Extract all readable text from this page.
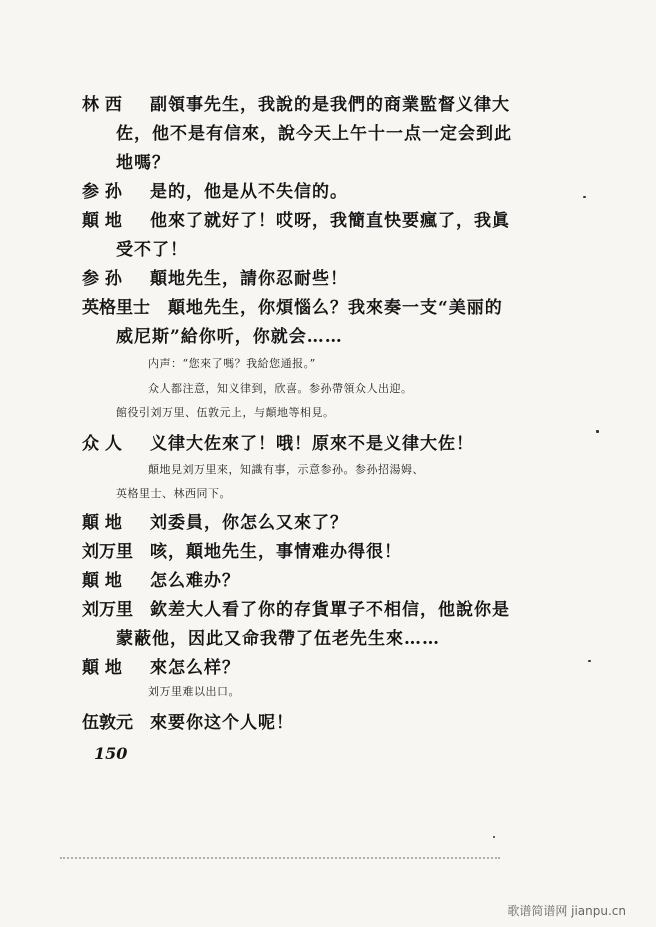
林 西 副領事先生，我說的是我們的商業監督义律大
佐，他不是有信來，說今天上午十一点一定会到此
地嗎？
参 孙 是的，他是从不失信的。
顛 地 他來了就好了！哎呀，我簡直快要瘋了，我眞
受不了！
参 孙 顛地先生，請你忍耐些！
英格里士 顛地先生，你煩惱么？我來奏一支“美丽的
威尼斯”給你听，你就会……
内声：“您來了嗎？我給您通报。”
众人都注意，知义律到，欣喜。参孙帶領众人出迎。
館役引刘万里、伍敦元上，与顛地等相見。
众 人 义律大佐來了！哦！原來不是义律大佐！
顛地見刘万里來，知識有事，示意参孙。参孙招湯姆、
英格里士、林西同下。
顛 地 刘委員，你怎么又來了？
刘万里 咳，顛地先生，事情难办得很！
顛 地 怎么难办？
刘万里 欽差大人看了你的存貨單子不相信，他說你是
蒙蔽他，因此又命我帶了伍老先生來……
顛 地 來怎么样？
刘万里难以出口。
伍敦元 來要你这个人呢！
150
歌谱简谱网 jianpu.cn
